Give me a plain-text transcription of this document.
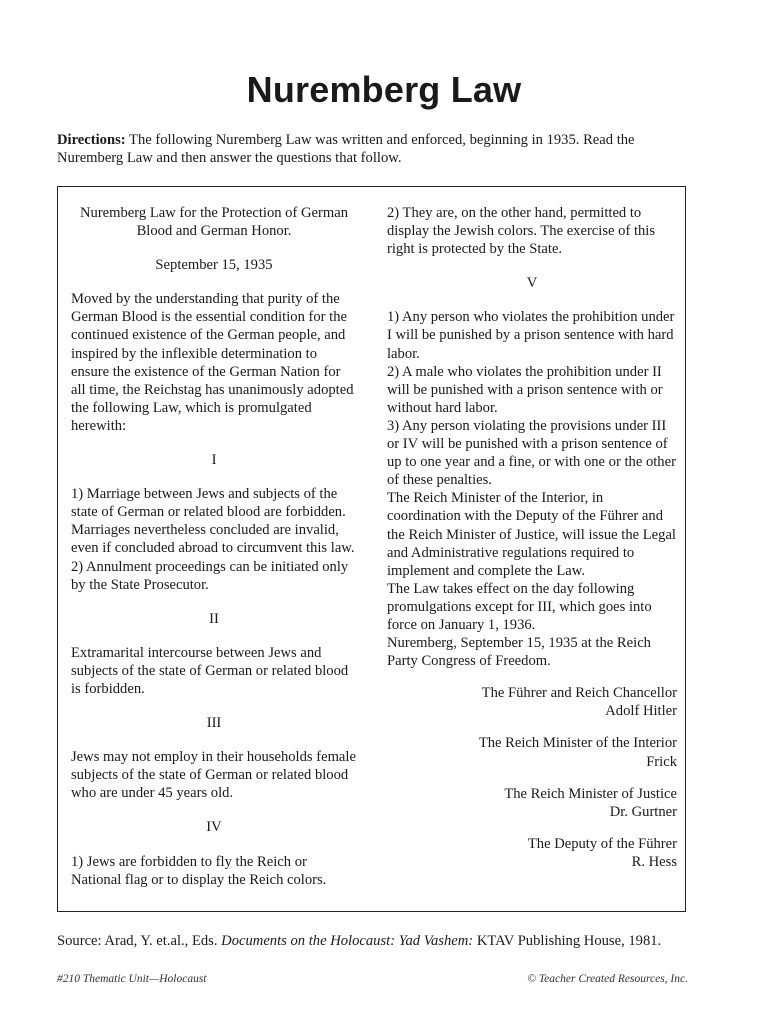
Nuremberg Law
Directions: The following Nuremberg Law was written and enforced, beginning in 1935. Read the Nuremberg Law and then answer the questions that follow.

Nuremberg Law for the Protection of German Blood and German Honor.

September 15, 1935

Moved by the understanding that purity of the German Blood is the essential condition for the continued existence of the German people, and inspired by the inflexible determination to ensure the existence of the German Nation for all time, the Reichstag has unanimously adopted the following Law, which is promulgated herewith:

I

1) Marriage between Jews and subjects of the state of German or related blood are forbidden. Marriages nevertheless concluded are invalid, even if concluded abroad to circumvent this law.

2) Annulment proceedings can be initiated only by the State Prosecutor.

II

Extramarital intercourse between Jews and subjects of the state of German or related blood is forbidden.

III

Jews may not employ in their households female subjects of the state of German or related blood who are under 45 years old.

IV

1) Jews are forbidden to fly the Reich or National flag or to display the Reich colors.

2) They are, on the other hand, permitted to display the Jewish colors. The exercise of this right is protected by the State.

V

1) Any person who violates the prohibition under I will be punished by a prison sentence with hard labor.

2) A male who violates the prohibition under II will be punished with a prison sentence with or without hard labor.

3) Any person violating the provisions under III or IV will be punished with a prison sentence of up to one year and a fine, or with one or the other of these penalties.

The Reich Minister of the Interior, in coordination with the Deputy of the Führer and the Reich Minister of Justice, will issue the Legal and Administrative regulations required to implement and complete the Law.

The Law takes effect on the day following promulgations except for III, which goes into force on January 1, 1936.

Nuremberg, September 15, 1935 at the Reich Party Congress of Freedom.

The Führer and Reich Chancellor
Adolf Hitler

The Reich Minister of the Interior
Frick

The Reich Minister of Justice
Dr. Gurtner

The Deputy of the Führer
R. Hess

Source: Arad, Y. et.al., Eds. Documents on the Holocaust: Yad Vashem: KTAV Publishing House, 1981.
#210 Thematic Unit—Holocaust	© Teacher Created Resources, Inc.
